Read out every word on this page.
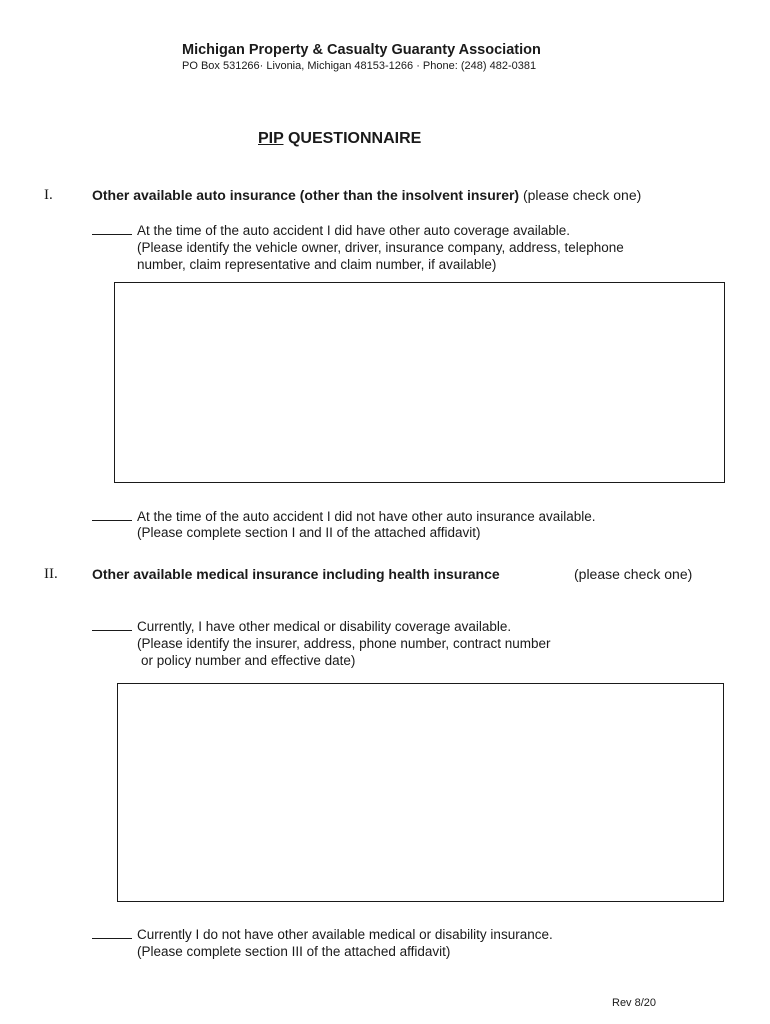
Michigan Property & Casualty Guaranty Association
PO Box 531266· Livonia, Michigan 48153-1266 · Phone: (248) 482-0381
PIP QUESTIONNAIRE
I.	Other available auto insurance (other than the insolvent insurer) (please check one)
At the time of the auto accident I did have other auto coverage available.
(Please identify the vehicle owner, driver, insurance company, address, telephone
number, claim representative and claim number, if available)
At the time of the auto accident I did not have other auto insurance available.
(Please complete section I and II of the attached affidavit)
II. Other available medical insurance including health insurance	(please check one)
Currently, I have other medical or disability coverage available.
(Please identify the insurer, address, phone number, contract number
or policy number and effective date)
Currently I do not have other available medical or disability insurance.
(Please complete section III of the attached affidavit)
Rev 8/20
